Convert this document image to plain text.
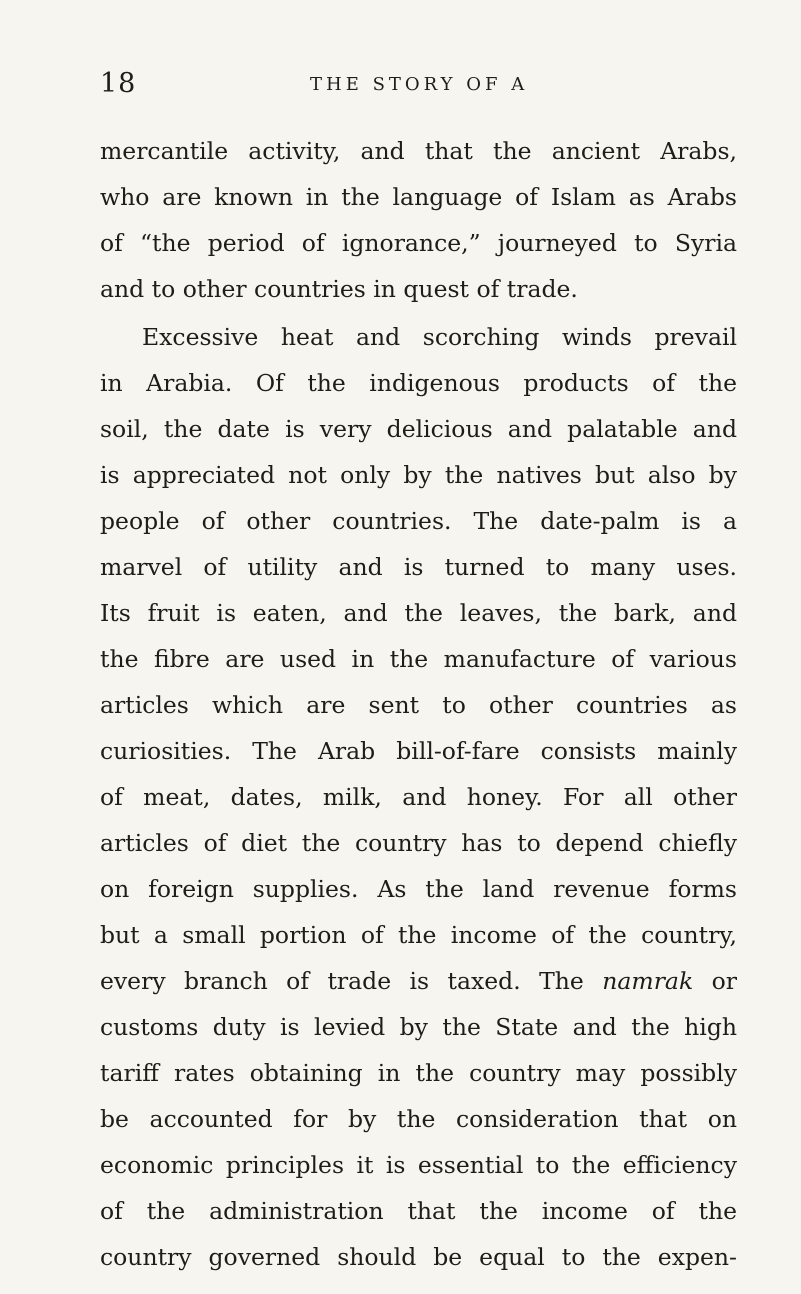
18	THE STORY OF A
mercantile activity, and that the ancient Arabs,
who are known in the language of Islam as Arabs
of “the period of ignorance,” journeyed to Syria
and to other countries in quest of trade.
Excessive heat and scorching winds prevail
in Arabia. Of the indigenous products of the
soil, the date is very delicious and palatable and
is appreciated not only by the natives but also by
people of other countries. The date-palm is a
marvel of utility and is turned to many uses.
Its fruit is eaten, and the leaves, the bark, and
the fibre are used in the manufacture of various
articles which are sent to other countries as
curiosities. The Arab bill-of-fare consists mainly
of meat, dates, milk, and honey. For all other
articles of diet the country has to depend chiefly
on foreign supplies. As the land revenue forms
but a small portion of the income of the country,
every branch of trade is taxed. The namrak or
customs duty is levied by the State and the high
tariff rates obtaining in the country may possibly
be accounted for by the consideration that on
economic principles it is essential to the efficiency
of the administration that the income of the
country governed should be equal to the expen-
